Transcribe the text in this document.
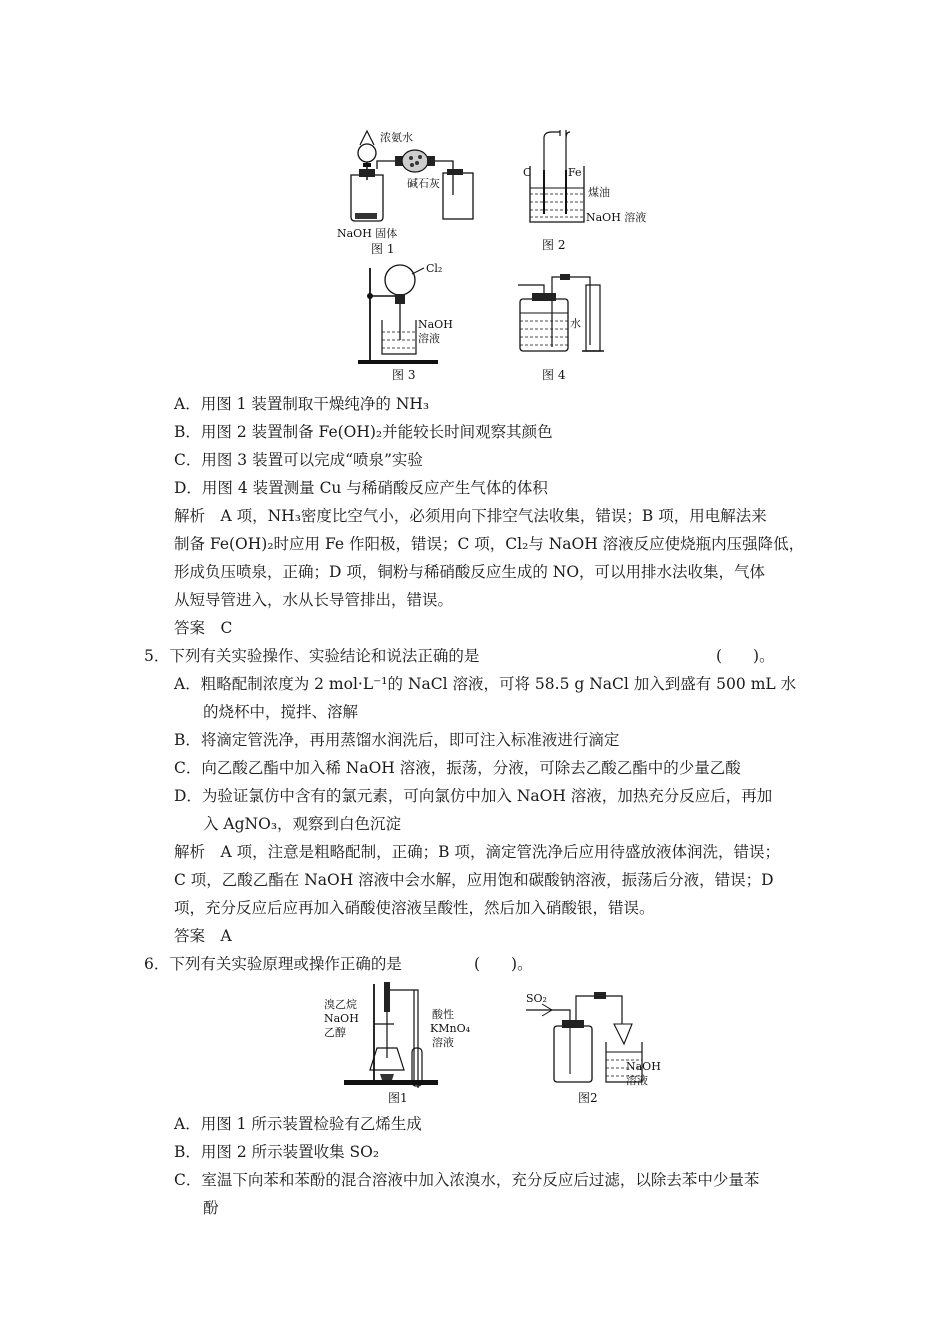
浓氨水
碱石灰
NaOH 固体
图 1
C	Fe
煤油
NaOH 溶液
图 2
Cl₂
NaOH
溶液
图 3
水
图 4
A．用图 1 装置制取干燥纯净的 NH₃
B．用图 2 装置制备 Fe(OH)₂并能较长时间观察其颜色
C．用图 3 装置可以完成“喷泉”实验
D．用图 4 装置测量 Cu 与稀硝酸反应产生气体的体积
解析　A 项，NH₃密度比空气小，必须用向下排空气法收集，错误；B 项，用电解法来
制备 Fe(OH)₂时应用 Fe 作阳极，错误；C 项，Cl₂与 NaOH 溶液反应使烧瓶内压强降低，
形成负压喷泉，正确；D 项，铜粉与稀硝酸反应生成的 NO，可以用排水法收集，气体
从短导管进入，水从长导管排出，错误。
答案　C
5．下列有关实验操作、实验结论和说法正确的是	(　　)。
A．粗略配制浓度为 2 mol·L⁻¹的 NaCl 溶液，可将 58.5 g NaCl 加入到盛有 500 mL 水
的烧杯中，搅拌、溶解
B．将滴定管洗净，再用蒸馏水润洗后，即可注入标准液进行滴定
C．向乙酸乙酯中加入稀 NaOH 溶液，振荡，分液，可除去乙酸乙酯中的少量乙酸
D．为验证氯仿中含有的氯元素，可向氯仿中加入 NaOH 溶液，加热充分反应后，再加
入 AgNO₃，观察到白色沉淀
解析　A 项，注意是粗略配制，正确；B 项，滴定管洗净后应用待盛放液体润洗，错误；
C 项，乙酸乙酯在 NaOH 溶液中会水解，应用饱和碳酸钠溶液，振荡后分液，错误；D
项，充分反应后应再加入硝酸使溶液呈酸性，然后加入硝酸银，错误。
答案　A
6．下列有关实验原理或操作正确的是	(　　)。
溴乙烷
NaOH
乙醇
酸性
KMnO₄
溶液
图1
SO₂
NaOH
溶液
图2
A．用图 1 所示装置检验有乙烯生成
B．用图 2 所示装置收集 SO₂
C．室温下向苯和苯酚的混合溶液中加入浓溴水，充分反应后过滤，以除去苯中少量苯
酚
